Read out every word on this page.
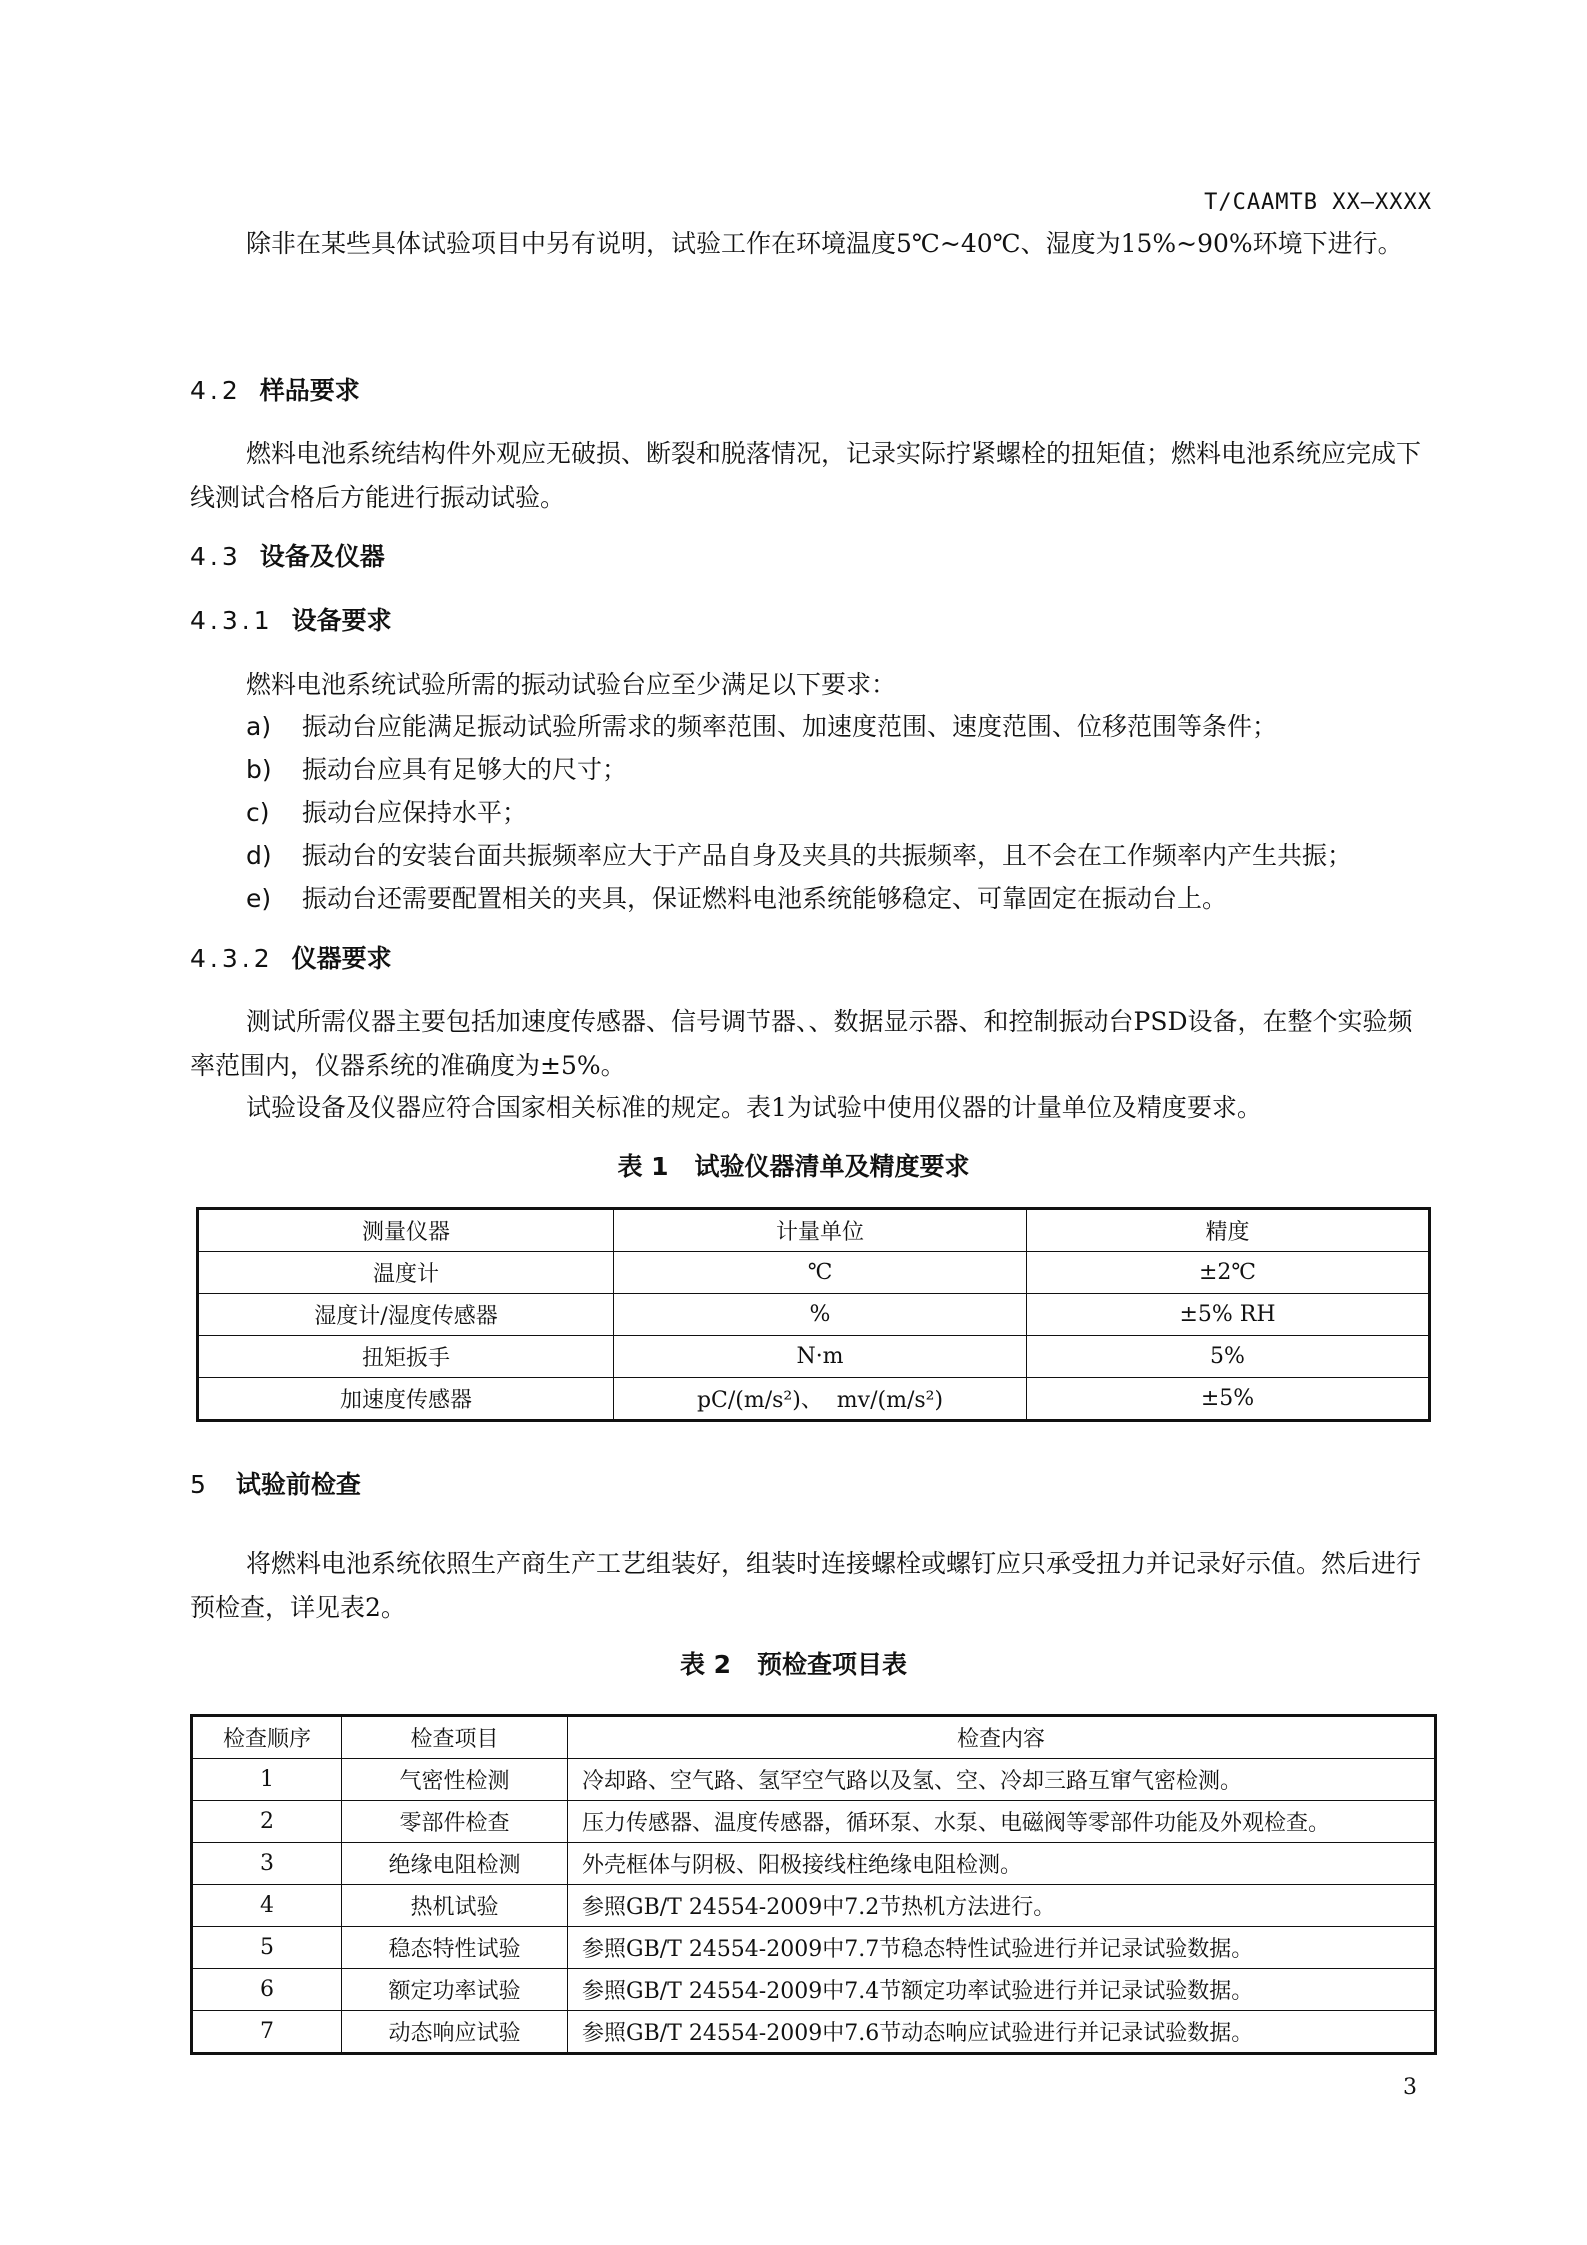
T/CAAMTB XX—XXXX

除非在某些具体试验项目中另有说明，试验工作在环境温度5℃~40℃、湿度为15%~90%环境下进行。

4.2 样品要求

燃料电池系统结构件外观应无破损、断裂和脱落情况，记录实际拧紧螺栓的扭矩值；燃料电池系统应完成下线测试合格后方能进行振动试验。

4.3 设备及仪器
4.3.1 设备要求

燃料电池系统试验所需的振动试验台应至少满足以下要求：

a) 振动台应能满足振动试验所需求的频率范围、加速度范围、速度范围、位移范围等条件；
b) 振动台应具有足够大的尺寸；
c) 振动台应保持水平；
d) 振动台的安装台面共振频率应大于产品自身及夹具的共振频率，且不会在工作频率内产生共振；
e) 振动台还需要配置相关的夹具，保证燃料电池系统能够稳定、可靠固定在振动台上。
4.3.2 仪器要求

测试所需仪器主要包括加速度传感器、信号调节器、、数据显示器、和控制振动台PSD设备，在整个实验频率范围内，仪器系统的准确度为±5%。

试验设备及仪器应符合国家相关标准的规定。表1为试验中使用仪器的计量单位及精度要求。

表 1 试验仪器清单及精度要求
测量仪器	计量单位	精度
温度计	℃	±2℃
湿度计/湿度传感器	%	±5% RH
扭矩扳手	N·m	5%
加速度传感器	pC/(m/s²)、  mv/(m/s²)	±5%
5 试验前检查

将燃料电池系统依照生产商生产工艺组装好，组装时连接螺栓或螺钉应只承受扭力并记录好示值。然后进行预检查，详见表2。

表 2 预检查项目表
检查顺序	检查项目	检查内容
1	气密性检测	冷却路、空气路、氢罕空气路以及氢、空、冷却三路互窜气密检测。
2	零部件检查	压力传感器、温度传感器，循环泵、水泵、电磁阀等零部件功能及外观检查。
3	绝缘电阻检测	外壳框体与阴极、阳极接线柱绝缘电阻检测。
4	热机试验	参照GB/T 24554-2009中7.2节热机方法进行。
5	稳态特性试验	参照GB/T 24554-2009中7.7节稳态特性试验进行并记录试验数据。
6	额定功率试验	参照GB/T 24554-2009中7.4节额定功率试验进行并记录试验数据。
7	动态响应试验	参照GB/T 24554-2009中7.6节动态响应试验进行并记录试验数据。
3
